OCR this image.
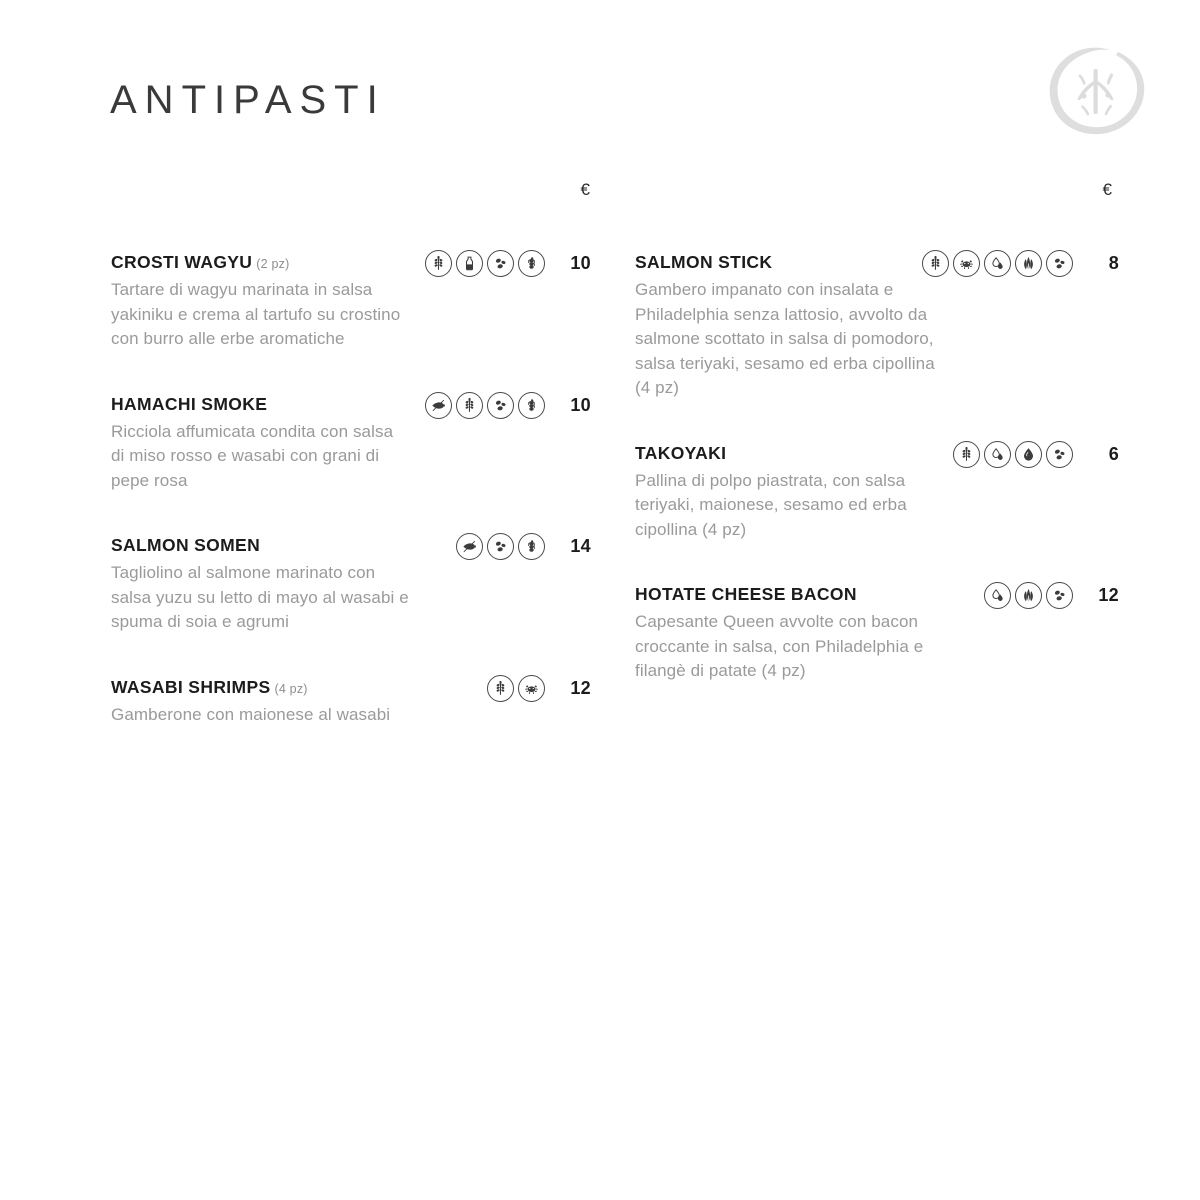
ANTIPASTI
€	€
CROSTI WAGYU (2 pz)	10
Tartare di wagyu marinata in salsa yakiniku e crema al tartufo su crostino con burro alle erbe aromatiche
HAMACHI SMOKE	10
Ricciola affumicata condita con salsa di miso rosso e wasabi con grani di pepe rosa
SALMON SOMEN	14
Tagliolino al salmone marinato con salsa yuzu su letto di mayo al wasabi e spuma di soia e agrumi
WASABI SHRIMPS (4 pz)	12
Gamberone con maionese al wasabi
SALMON STICK	8
Gambero impanato con insalata e Philadelphia senza lattosio, avvolto da salmone scottato in salsa di pomodoro, salsa teriyaki, sesamo ed erba cipollina (4 pz)
TAKOYAKI	6
Pallina di polpo piastrata, con salsa teriyaki, maionese, sesamo ed erba cipollina (4 pz)
HOTATE CHEESE BACON	12
Capesante Queen avvolte con bacon croccante in salsa, con Philadelphia e filangè di patate (4 pz)
